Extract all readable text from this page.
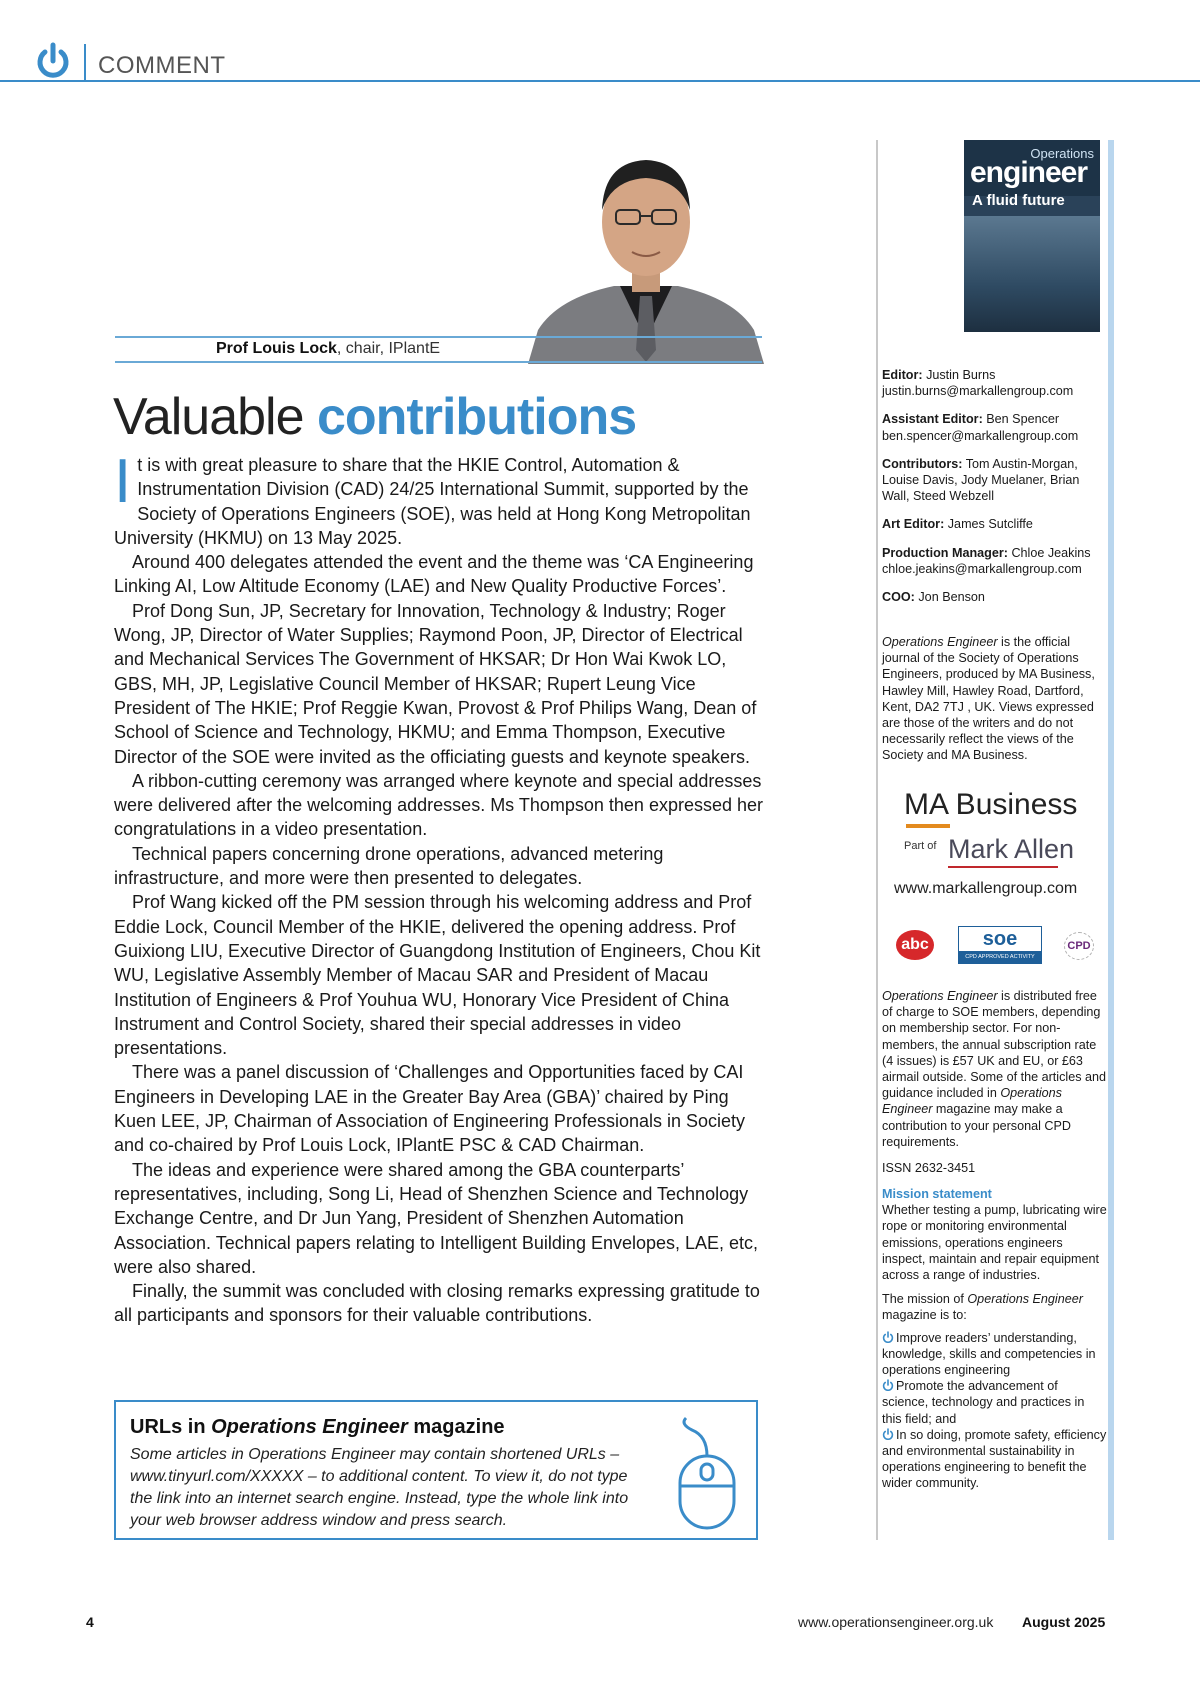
COMMENT
Prof Louis Lock, chair, IPlantE
Valuable contributions

It is with great pleasure to share that the HKIE Control, Automation & Instrumentation Division (CAD) 24/25 International Summit, supported by the Society of Operations Engineers (SOE), was held at Hong Kong Metropolitan University (HKMU) on 13 May 2025.

Around 400 delegates attended the event and the theme was ‘CA Engineering Linking AI, Low Altitude Economy (LAE) and New Quality Productive Forces’.

Prof Dong Sun, JP, Secretary for Innovation, Technology & Industry; Roger Wong, JP, Director of Water Supplies; Raymond Poon, JP, Director of Electrical and Mechanical Services The Government of HKSAR; Dr Hon Wai Kwok LO, GBS, MH, JP, Legislative Council Member of HKSAR; Rupert Leung Vice President of The HKIE; Prof Reggie Kwan, Provost & Prof Philips Wang, Dean of School of Science and Technology, HKMU; and Emma Thompson, Executive Director of the SOE were invited as the officiating guests and keynote speakers.

A ribbon-cutting ceremony was arranged where keynote and special addresses were delivered after the welcoming addresses. Ms Thompson then expressed her congratulations in a video presentation.

Technical papers concerning drone operations, advanced metering infrastructure, and more were then presented to delegates.

Prof Wang kicked off the PM session through his welcoming address and Prof Eddie Lock, Council Member of the HKIE, delivered the opening address. Prof Guixiong LIU, Executive Director of Guangdong Institution of Engineers, Chou Kit WU, Legislative Assembly Member of Macau SAR and President of Macau Institution of Engineers & Prof Youhua WU, Honorary Vice President of China Instrument and Control Society, shared their special addresses in video presentations.

There was a panel discussion of ‘Challenges and Opportunities faced by CAI Engineers in Developing LAE in the Greater Bay Area (GBA)’ chaired by Ping Kuen LEE, JP, Chairman of Association of Engineering Professionals in Society and co-chaired by Prof Louis Lock, IPlantE PSC & CAD Chairman.

The ideas and experience were shared among the GBA counterparts’ representatives, including, Song Li, Head of Shenzhen Science and Technology Exchange Centre, and Dr Jun Yang, President of Shenzhen Automation Association. Technical papers relating to Intelligent Building Envelopes, LAE, etc, were also shared.

Finally, the summit was concluded with closing remarks expressing gratitude to all participants and sponsors for their valuable contributions.

URLs in Operations Engineer magazine
Some articles in Operations Engineer may contain shortened URLs – www.tinyurl.com/XXXXX – to additional content. To view it, do not type the link into an internet search engine. Instead, type the whole link into your web browser address window and press search.
Operations
engineer
A fluid future

Editor: Justin Burns
justin.burns@markallengroup.com

Assistant Editor: Ben Spencer
ben.spencer@markallengroup.com

Contributors: Tom Austin-Morgan, Louise Davis, Jody Muelaner, Brian Wall, Steed Webzell

Art Editor: James Sutcliffe

Production Manager: Chloe Jeakins
chloe.jeakins@markallengroup.com

COO: Jon Benson

Operations Engineer is the official journal of the Society of Operations Engineers, produced by MA Business, Hawley Mill, Hawley Road, Dartford, Kent, DA2 7TJ , UK. Views expressed are those of the writers and do not necessarily reflect the views of the Society and MA Business.
MA Business
Part of Mark Allen
www.markallengroup.com
abc	soe
CPD APPROVED ACTIVITY
CPD

Operations Engineer is distributed free of charge to SOE members, depending on membership sector. For non-members, the annual subscription rate (4 issues) is £57 UK and EU, or £63 airmail outside. Some of the articles and guidance included in Operations Engineer magazine may make a contribution to your personal CPD requirements.

ISSN 2632-3451

Mission statement

Whether testing a pump, lubricating wire rope or monitoring environmental emissions, operations engineers inspect, maintain and repair equipment across a range of industries.

The mission of Operations Engineer magazine is to:

Improve readers’ understanding, knowledge, skills and competencies in operations engineering

Promote the advancement of science, technology and practices in this field; and

In so doing, promote safety, efficiency and environmental sustainability in operations engineering to benefit the wider community.

4	www.operationsengineer.org.uk August 2025
